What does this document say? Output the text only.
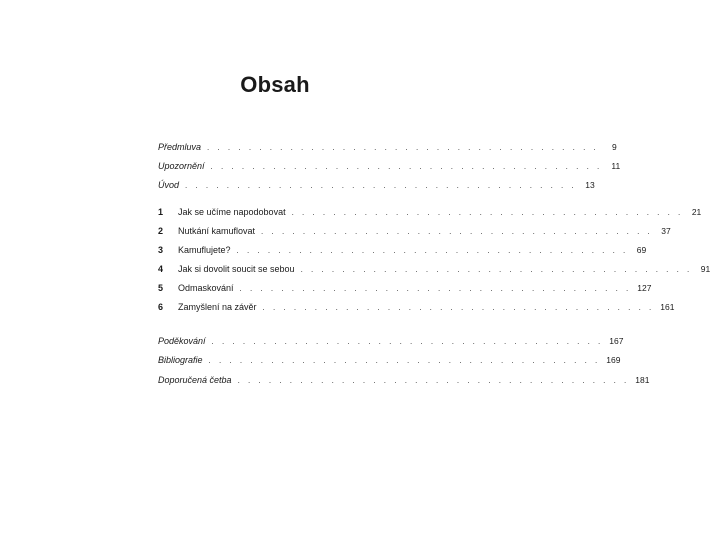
Obsah
Předmluva . . . . . . . . . . . . . . . . . . . . . . . . . . . . . . . . . . . . . .	9
Upozornění . . . . . . . . . . . . . . . . . . . . . . . . . . . . . . . . . . . . . .	11
Úvod . . . . . . . . . . . . . . . . . . . . . . . . . . . . . . . . . . . . . . 13
1	Jak se učíme napodobovat . . . . . . . . . . . . . . . . . . . . . . . . . . . . . . . . . . . . . . 21
2	Nutkání kamuflovat . . . . . . . . . . . . . . . . . . . . . . . . . . . . . . . . . . . . . . 37
3	Kamuflujete? . . . . . . . . . . . . . . . . . . . . . . . . . . . . . . . . . . . . . . 69
4	Jak si dovolit soucit se sebou . . . . . . . . . . . . . . . . . . . . . . . . . . . . . . . . . . . . . . 91
5	Odmaskování . . . . . . . . . . . . . . . . . . . . . . . . . . . . . . . . . . . . . . 127
6	Zamyšlení na závěr . . . . . . . . . . . . . . . . . . . . . . . . . . . . . . . . . . . . . . 161
Poděkování . . . . . . . . . . . . . . . . . . . . . . . . . . . . . . . . . . . . . . 167
Bibliografie . . . . . . . . . . . . . . . . . . . . . . . . . . . . . . . . . . . . . . 169
Doporučená četba . . . . . . . . . . . . . . . . . . . . . . . . . . . . . . . . . . . . . . 181
